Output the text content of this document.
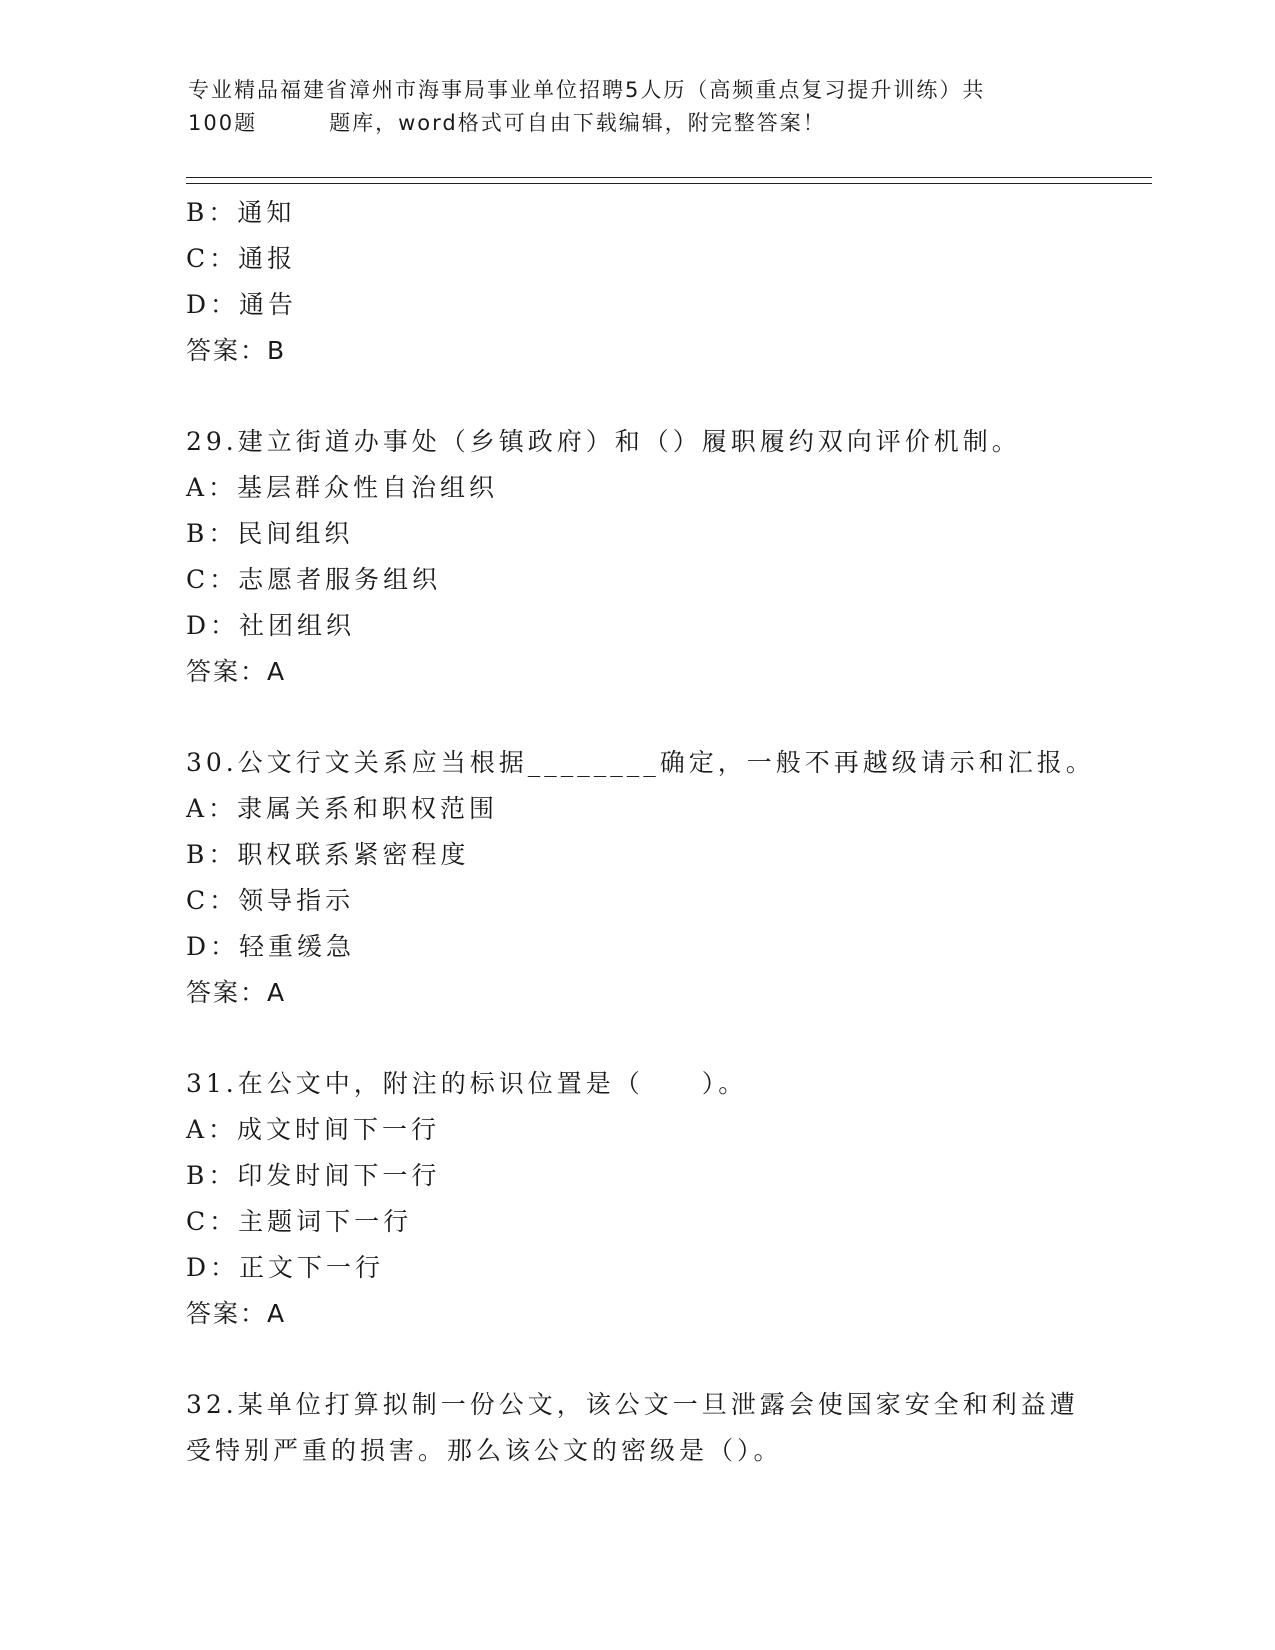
专业精品福建省漳州市海事局事业单位招聘5人历（高频重点复习提升训练）共
100题	题库，word格式可自由下载编辑，附完整答案！
B：通知
C：通报
D：通告
答案：B
29.建立街道办事处（乡镇政府）和（）履职履约双向评价机制。
A：基层群众性自治组织
B：民间组织
C：志愿者服务组织
D：社团组织
答案：A
30.公文行文关系应当根据________确定，一般不再越级请示和汇报。
A：隶属关系和职权范围
B：职权联系紧密程度
C：领导指示
D：轻重缓急
答案：A
31.在公文中，附注的标识位置是（　　）。
A：成文时间下一行
B：印发时间下一行
C：主题词下一行
D：正文下一行
答案：A
32.某单位打算拟制一份公文，该公文一旦泄露会使国家安全和利益遭
受特别严重的损害。那么该公文的密级是（）。
